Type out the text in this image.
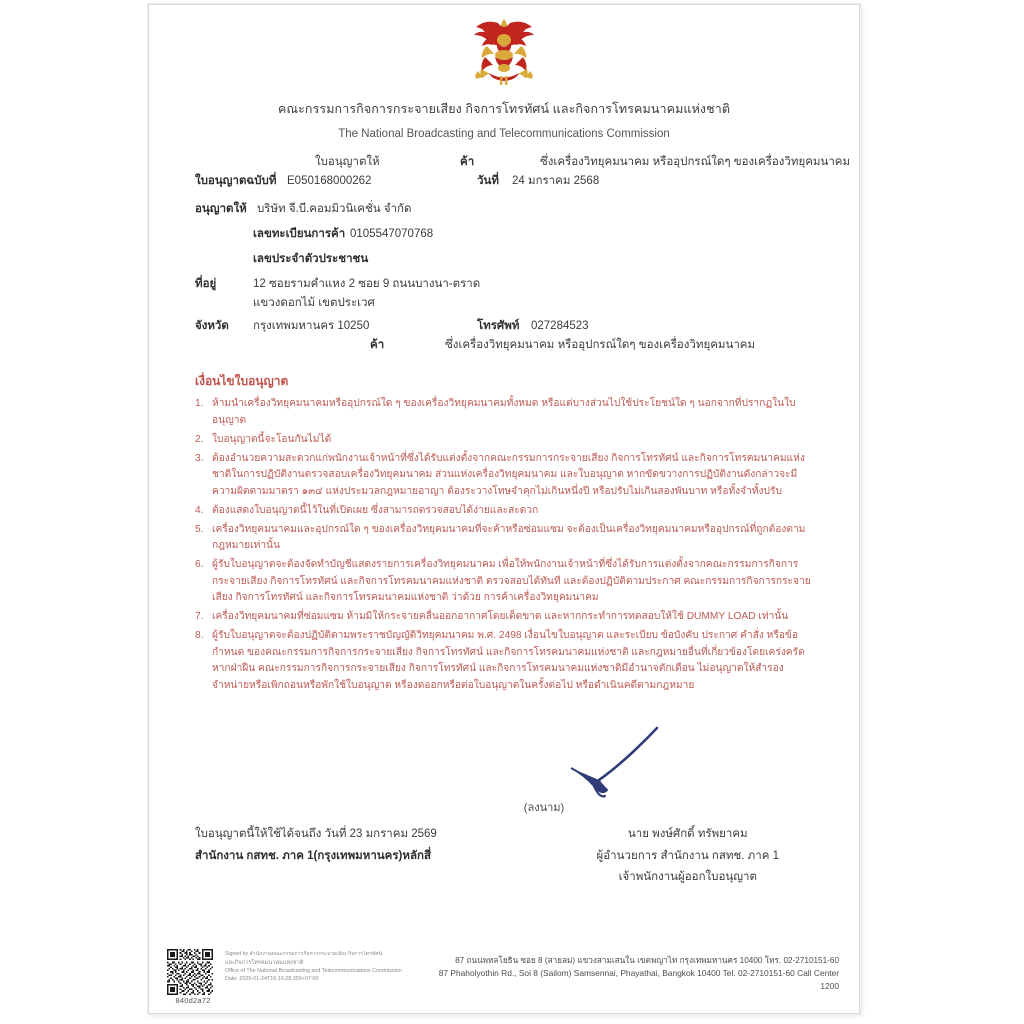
คณะกรรมการกิจการกระจายเสียง กิจการโทรทัศน์ และกิจการโทรคมนาคมแห่งชาติ
The National Broadcasting and Telecommunications Commission
ใบอนุญาตให้	ค้า	ซึ่งเครื่องวิทยุคมนาคม หรืออุปกรณ์ใดๆ ของเครื่องวิทยุคมนาคม
ใบอนุญาตฉบับที่ E050168000262	วันที่ 24 มกราคม 2568
อนุญาตให้ บริษัท จี.บี.คอมมิวนิเคชั่น จำกัด
เลขทะเบียนการค้า 0105547070768
เลขประจำตัวประชาชน
ที่อยู่	12 ซอยรามคำแหง 2 ซอย 9 ถนนบางนา-ตราด
แขวงดอกไม้ เขตประเวศ
จังหวัด กรุงเทพมหานคร 10250	โทรศัพท์ 027284523
ค้า	ซึ่งเครื่องวิทยุคมนาคม หรืออุปกรณ์ใดๆ ของเครื่องวิทยุคมนาคม
เงื่อนไขใบอนุญาต
1. ห้ามนำเครื่องวิทยุคมนาคมหรืออุปกรณ์ใด ๆ ของเครื่องวิทยุคมนาคมทั้งหมด หรือแต่บางส่วนไปใช้ประโยชน์ใด ๆ นอกจากที่ปรากฏในใบอนุญาต
2. ใบอนุญาตนี้จะโอนกันไม่ได้
3. ต้องอำนวยความสะดวกแก่พนักงานเจ้าหน้าที่ซึ่งได้รับแต่งตั้งจากคณะกรรมการกระจายเสียง กิจการโทรทัศน์ และกิจการโทรคมนาคมแห่งชาติในการปฏิบัติงานตรวจสอบเครื่องวิทยุคมนาคม ส่วนแห่งเครื่องวิทยุคมนาคม และใบอนุญาต หากขัดขวางการปฏิบัติงานดังกล่าวจะมีความผิดตามมาตรา ๑๓๔ แห่งประมวลกฎหมายอาญา ต้องระวางโทษจำคุกไม่เกินหนึ่งปี หรือปรับไม่เกินสองพันบาท หรือทั้งจำทั้งปรับ
4. ต้องแสดงใบอนุญาตนี้ไว้ในที่เปิดเผย ซึ่งสามารถตรวจสอบได้ง่ายและสะดวก
5. เครื่องวิทยุคมนาคมและอุปกรณ์ใด ๆ ของเครื่องวิทยุคมนาคมที่จะค้าหรือซ่อมแซม จะต้องเป็นเครื่องวิทยุคมนาคมหรืออุปกรณ์ที่ถูกต้องตามกฎหมายเท่านั้น
6. ผู้รับใบอนุญาตจะต้องจัดทำบัญชีแสดงรายการเครื่องวิทยุคมนาคม เพื่อให้พนักงานเจ้าหน้าที่ซึ่งได้รับการแต่งตั้งจากคณะกรรมการกิจการกระจายเสียง กิจการโทรทัศน์ และกิจการโทรคมนาคมแห่งชาติ ตรวจสอบได้ทันที และต้องปฏิบัติตามประกาศ คณะกรรมการกิจการกระจายเสียง กิจการโทรทัศน์ และกิจการโทรคมนาคมแห่งชาติ ว่าด้วย การค้าเครื่องวิทยุคมนาคม
7. เครื่องวิทยุคมนาคมที่ซ่อมแซม ห้ามมิให้กระจายคลื่นออกอากาศโดยเด็ดขาด และหากกระทำการทดสอบให้ใช้ DUMMY LOAD เท่านั้น
8. ผู้รับใบอนุญาตจะต้องปฏิบัติตามพระราชบัญญัติวิทยุคมนาคม พ.ศ. 2498 เงื่อนไขใบอนุญาต และระเบียบ ข้อบังคับ ประกาศ คำสั่ง หรือข้อกำหนด ของคณะกรรมการกิจการกระจายเสียง กิจการโทรทัศน์ และกิจการโทรคมนาคมแห่งชาติ และกฎหมายอื่นที่เกี่ยวข้องโดยเคร่งครัด หากฝ่าฝืน คณะกรรมการกิจการกระจายเสียง กิจการโทรทัศน์ และกิจการโทรคมนาคมแห่งชาติมีอำนาจตักเตือน ไม่อนุญาตให้สำรองจำหน่ายหรือเพิกถอนหรือพักใช้ใบอนุญาต หรืองดออกหรือต่อใบอนุญาตในครั้งต่อไป หรือดำเนินคดีตามกฎหมาย
(ลงนาม)
ใบอนุญาตนี้ให้ใช้ได้จนถึง วันที่ 23 มกราคม 2569
สำนักงาน กสทช. ภาค 1(กรุงเทพมหานคร)หลักสี่
นาย พงษ์ศักดิ์ ทรัพยาคม
ผู้อำนวยการ สำนักงาน กสทช. ภาค 1
เจ้าพนักงานผู้ออกใบอนุญาต
840d2a72
Signed by สำนักงานคณะกรรมการกิจการกระจายเสียง กิจการโทรทัศน์
และกิจการโทรคมนาคมแห่งชาติ
Office of The National Broadcasting and Telecommunications Commission
Date: 2025-01-24T16:16:28.359+07:00
87 ถนนพหลโยธิน ซอย 8 (สายลม) แขวงสามเสนใน เขตพญาไท กรุงเทพมหานคร 10400 โทร. 02-2710151-60
87 Phaholyothin Rd., Soi 8 (Sailom) Samsennai, Phayathai, Bangkok 10400 Tel. 02-2710151-60 Call Center 1200
